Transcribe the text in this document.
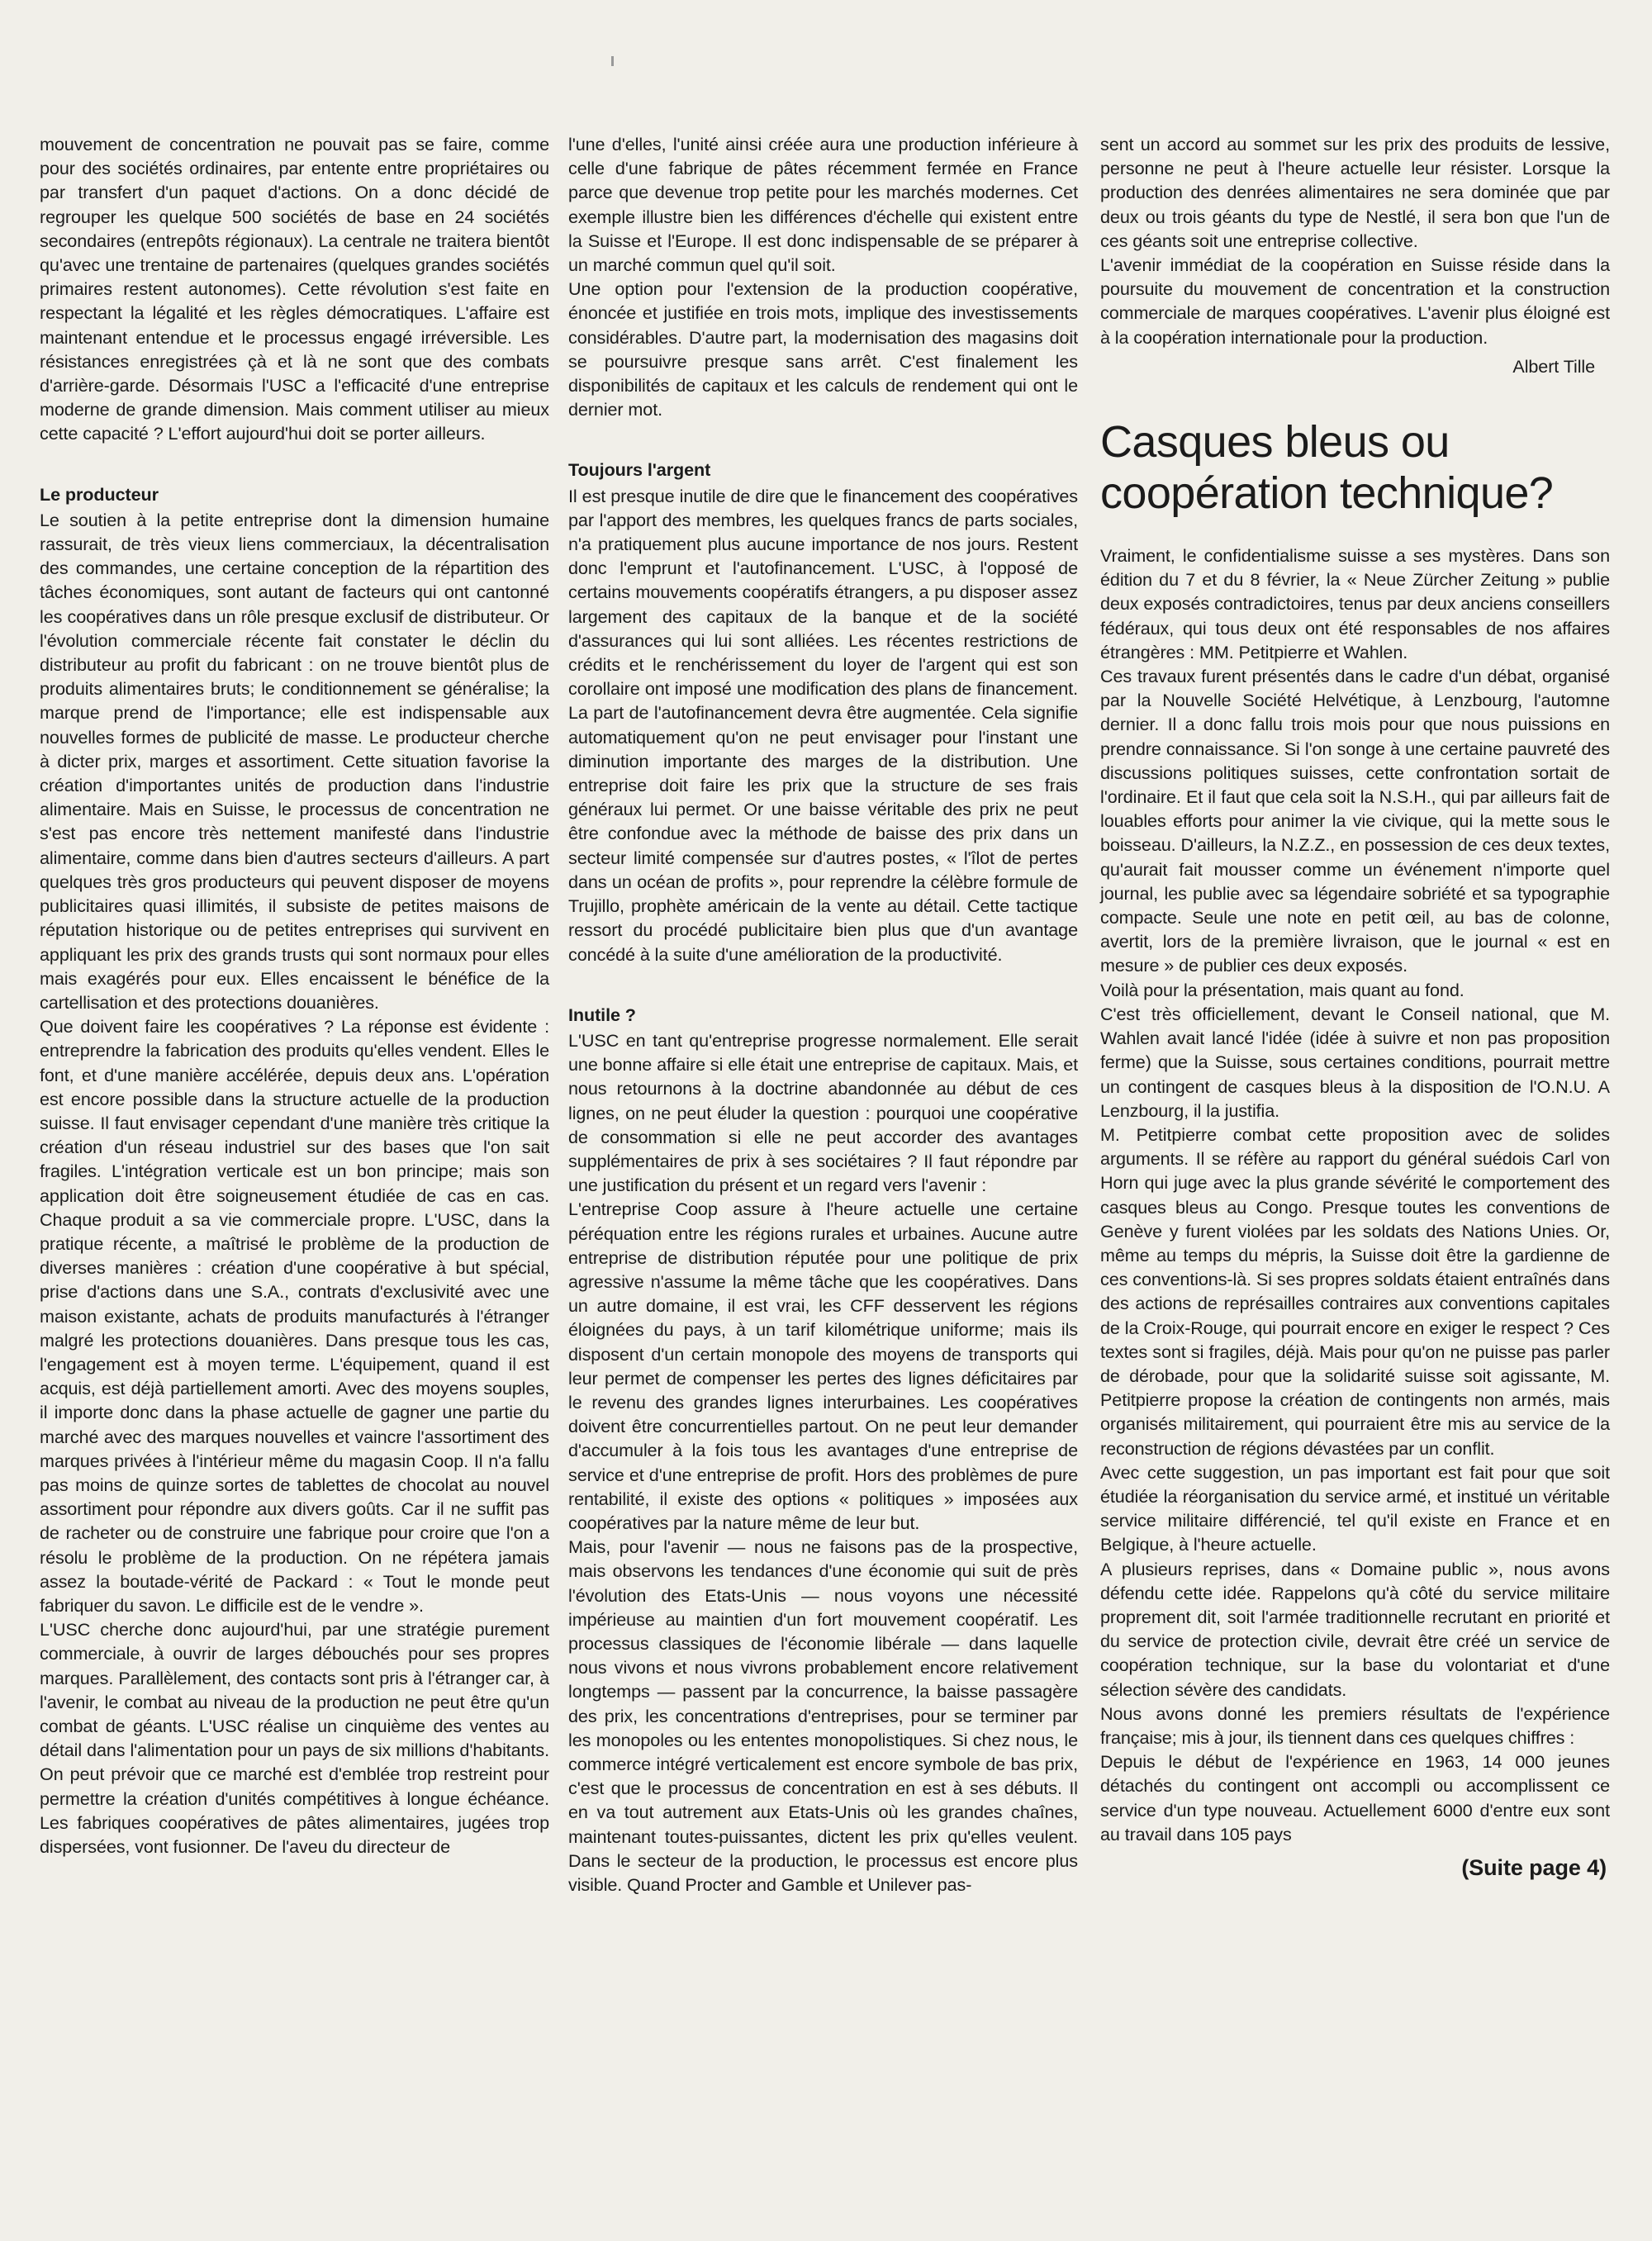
mouvement de concentration ne pouvait pas se faire, comme pour des sociétés ordinaires, par entente entre propriétaires ou par transfert d'un paquet d'actions. On a donc décidé de regrouper les quelque 500 sociétés de base en 24 sociétés secondaires (entrepôts régionaux). La centrale ne traitera bientôt qu'avec une trentaine de partenaires (quelques grandes sociétés primaires restent autonomes). Cette révolution s'est faite en respectant la légalité et les règles démocratiques. L'affaire est maintenant entendue et le processus engagé irréversible. Les résistances enregistrées çà et là ne sont que des combats d'arrière-garde. Désormais l'USC a l'efficacité d'une entreprise moderne de grande dimension. Mais comment utiliser au mieux cette capacité ? L'effort aujourd'hui doit se porter ailleurs.

Le producteur

Le soutien à la petite entreprise dont la dimension humaine rassurait, de très vieux liens commerciaux, la décentralisation des commandes, une certaine conception de la répartition des tâches économiques, sont autant de facteurs qui ont cantonné les coopératives dans un rôle presque exclusif de distributeur. Or l'évolution commerciale récente fait constater le déclin du distributeur au profit du fabricant : on ne trouve bientôt plus de produits alimentaires bruts; le conditionnement se généralise; la marque prend de l'importance; elle est indispensable aux nouvelles formes de publicité de masse. Le producteur cherche à dicter prix, marges et assortiment. Cette situation favorise la création d'importantes unités de production dans l'industrie alimentaire. Mais en Suisse, le processus de concentration ne s'est pas encore très nettement manifesté dans l'industrie alimentaire, comme dans bien d'autres secteurs d'ailleurs. A part quelques très gros producteurs qui peuvent disposer de moyens publicitaires quasi illimités, il subsiste de petites maisons de réputation historique ou de petites entreprises qui survivent en appliquant les prix des grands trusts qui sont normaux pour elles mais exagérés pour eux. Elles encaissent le bénéfice de la cartellisation et des protections douanières.

Que doivent faire les coopératives ? La réponse est évidente : entreprendre la fabrication des produits qu'elles vendent. Elles le font, et d'une manière accélérée, depuis deux ans. L'opération est encore possible dans la structure actuelle de la production suisse. Il faut envisager cependant d'une manière très critique la création d'un réseau industriel sur des bases que l'on sait fragiles. L'intégration verticale est un bon principe; mais son application doit être soigneusement étudiée de cas en cas. Chaque produit a sa vie commerciale propre. L'USC, dans la pratique récente, a maîtrisé le problème de la production de diverses manières : création d'une coopérative à but spécial, prise d'actions dans une S.A., contrats d'exclusivité avec une maison existante, achats de produits manufacturés à l'étranger malgré les protections douanières. Dans presque tous les cas, l'engagement est à moyen terme. L'équipement, quand il est acquis, est déjà partiellement amorti. Avec des moyens souples, il importe donc dans la phase actuelle de gagner une partie du marché avec des marques nouvelles et vaincre l'assortiment des marques privées à l'intérieur même du magasin Coop. Il n'a fallu pas moins de quinze sortes de tablettes de chocolat au nouvel assortiment pour répondre aux divers goûts. Car il ne suffit pas de racheter ou de construire une fabrique pour croire que l'on a résolu le problème de la production. On ne répétera jamais assez la boutade-vérité de Packard : « Tout le monde peut fabriquer du savon. Le difficile est de le vendre ».

L'USC cherche donc aujourd'hui, par une stratégie purement commerciale, à ouvrir de larges débouchés pour ses propres marques. Parallèlement, des contacts sont pris à l'étranger car, à l'avenir, le combat au niveau de la production ne peut être qu'un combat de géants. L'USC réalise un cinquième des ventes au détail dans l'alimentation pour un pays de six millions d'habitants. On peut prévoir que ce marché est d'emblée trop restreint pour permettre la création d'unités compétitives à longue échéance. Les fabriques coopératives de pâtes alimentaires, jugées trop dispersées, vont fusionner. De l'aveu du directeur de

l'une d'elles, l'unité ainsi créée aura une production inférieure à celle d'une fabrique de pâtes récemment fermée en France parce que devenue trop petite pour les marchés modernes. Cet exemple illustre bien les différences d'échelle qui existent entre la Suisse et l'Europe. Il est donc indispensable de se préparer à un marché commun quel qu'il soit.

Une option pour l'extension de la production coopérative, énoncée et justifiée en trois mots, implique des investissements considérables. D'autre part, la modernisation des magasins doit se poursuivre presque sans arrêt. C'est finalement les disponibilités de capitaux et les calculs de rendement qui ont le dernier mot.

Toujours l'argent

Il est presque inutile de dire que le financement des coopératives par l'apport des membres, les quelques francs de parts sociales, n'a pratiquement plus aucune importance de nos jours. Restent donc l'emprunt et l'autofinancement. L'USC, à l'opposé de certains mouvements coopératifs étrangers, a pu disposer assez largement des capitaux de la banque et de la société d'assurances qui lui sont alliées. Les récentes restrictions de crédits et le renchérissement du loyer de l'argent qui est son corollaire ont imposé une modification des plans de financement. La part de l'autofinancement devra être augmentée. Cela signifie automatiquement qu'on ne peut envisager pour l'instant une diminution importante des marges de la distribution. Une entreprise doit faire les prix que la structure de ses frais généraux lui permet. Or une baisse véritable des prix ne peut être confondue avec la méthode de baisse des prix dans un secteur limité compensée sur d'autres postes, « l'îlot de pertes dans un océan de profits », pour reprendre la célèbre formule de Trujillo, prophète américain de la vente au détail. Cette tactique ressort du procédé publicitaire bien plus que d'un avantage concédé à la suite d'une amélioration de la productivité.

Inutile ?

L'USC en tant qu'entreprise progresse normalement. Elle serait une bonne affaire si elle était une entreprise de capitaux. Mais, et nous retournons à la doctrine abandonnée au début de ces lignes, on ne peut éluder la question : pourquoi une coopérative de consommation si elle ne peut accorder des avantages supplémentaires de prix à ses sociétaires ? Il faut répondre par une justification du présent et un regard vers l'avenir :

L'entreprise Coop assure à l'heure actuelle une certaine péréquation entre les régions rurales et urbaines. Aucune autre entreprise de distribution réputée pour une politique de prix agressive n'assume la même tâche que les coopératives. Dans un autre domaine, il est vrai, les CFF desservent les régions éloignées du pays, à un tarif kilométrique uniforme; mais ils disposent d'un certain monopole des moyens de transports qui leur permet de compenser les pertes des lignes déficitaires par le revenu des grandes lignes interurbaines. Les coopératives doivent être concurrentielles partout. On ne peut leur demander d'accumuler à la fois tous les avantages d'une entreprise de service et d'une entreprise de profit. Hors des problèmes de pure rentabilité, il existe des options « politiques » imposées aux coopératives par la nature même de leur but.

Mais, pour l'avenir — nous ne faisons pas de la prospective, mais observons les tendances d'une économie qui suit de près l'évolution des Etats-Unis — nous voyons une nécessité impérieuse au maintien d'un fort mouvement coopératif. Les processus classiques de l'économie libérale — dans laquelle nous vivons et nous vivrons probablement encore relativement longtemps — passent par la concurrence, la baisse passagère des prix, les concentrations d'entreprises, pour se terminer par les monopoles ou les ententes monopolistiques. Si chez nous, le commerce intégré verticalement est encore symbole de bas prix, c'est que le processus de concentration en est à ses débuts. Il en va tout autrement aux Etats-Unis où les grandes chaînes, maintenant toutes-puissantes, dictent les prix qu'elles veulent. Dans le secteur de la production, le processus est encore plus visible. Quand Procter and Gamble et Unilever pas-

sent un accord au sommet sur les prix des produits de lessive, personne ne peut à l'heure actuelle leur résister. Lorsque la production des denrées alimentaires ne sera dominée que par deux ou trois géants du type de Nestlé, il sera bon que l'un de ces géants soit une entreprise collective.

L'avenir immédiat de la coopération en Suisse réside dans la poursuite du mouvement de concentration et la construction commerciale de marques coopératives. L'avenir plus éloigné est à la coopération internationale pour la production.

Albert Tille

Casques bleus ou coopération technique?

Vraiment, le confidentialisme suisse a ses mystères. Dans son édition du 7 et du 8 février, la « Neue Zürcher Zeitung » publie deux exposés contradictoires, tenus par deux anciens conseillers fédéraux, qui tous deux ont été responsables de nos affaires étrangères : MM. Petitpierre et Wahlen.

Ces travaux furent présentés dans le cadre d'un débat, organisé par la Nouvelle Société Helvétique, à Lenzbourg, l'automne dernier. Il a donc fallu trois mois pour que nous puissions en prendre connaissance. Si l'on songe à une certaine pauvreté des discussions politiques suisses, cette confrontation sortait de l'ordinaire. Et il faut que cela soit la N.S.H., qui par ailleurs fait de louables efforts pour animer la vie civique, qui la mette sous le boisseau. D'ailleurs, la N.Z.Z., en possession de ces deux textes, qu'aurait fait mousser comme un événement n'importe quel journal, les publie avec sa légendaire sobriété et sa typographie compacte. Seule une note en petit œil, au bas de colonne, avertit, lors de la première livraison, que le journal « est en mesure » de publier ces deux exposés.

Voilà pour la présentation, mais quant au fond.

C'est très officiellement, devant le Conseil national, que M. Wahlen avait lancé l'idée (idée à suivre et non pas proposition ferme) que la Suisse, sous certaines conditions, pourrait mettre un contingent de casques bleus à la disposition de l'O.N.U. A Lenzbourg, il la justifia.

M. Petitpierre combat cette proposition avec de solides arguments. Il se réfère au rapport du général suédois Carl von Horn qui juge avec la plus grande sévérité le comportement des casques bleus au Congo. Presque toutes les conventions de Genève y furent violées par les soldats des Nations Unies. Or, même au temps du mépris, la Suisse doit être la gardienne de ces conventions-là. Si ses propres soldats étaient entraînés dans des actions de représailles contraires aux conventions capitales de la Croix-Rouge, qui pourrait encore en exiger le respect ? Ces textes sont si fragiles, déjà. Mais pour qu'on ne puisse pas parler de dérobade, pour que la solidarité suisse soit agissante, M. Petitpierre propose la création de contingents non armés, mais organisés militairement, qui pourraient être mis au service de la reconstruction de régions dévastées par un conflit.

Avec cette suggestion, un pas important est fait pour que soit étudiée la réorganisation du service armé, et institué un véritable service militaire différencié, tel qu'il existe en France et en Belgique, à l'heure actuelle.

A plusieurs reprises, dans « Domaine public », nous avons défendu cette idée. Rappelons qu'à côté du service militaire proprement dit, soit l'armée traditionnelle recrutant en priorité et du service de protection civile, devrait être créé un service de coopération technique, sur la base du volontariat et d'une sélection sévère des candidats.

Nous avons donné les premiers résultats de l'expérience française; mis à jour, ils tiennent dans ces quelques chiffres :

Depuis le début de l'expérience en 1963, 14 000 jeunes détachés du contingent ont accompli ou accomplissent ce service d'un type nouveau. Actuellement 6000 d'entre eux sont au travail dans 105 pays

(Suite page 4)
